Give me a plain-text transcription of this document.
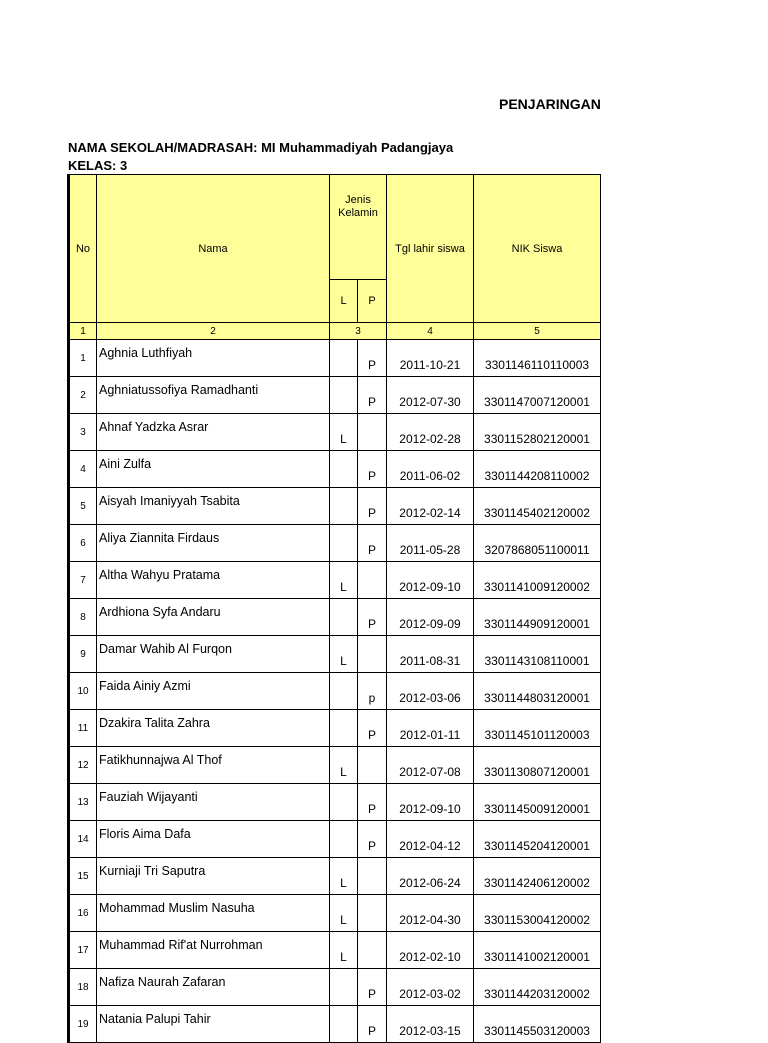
PENJARINGAN
NAMA SEKOLAH/MADRASAH: MI Muhammadiyah Padangjaya
KELAS: 3
No	Nama	Jenis Kelamin		Tgl lahir siswa	NIK Siswa
		L	P		
1	2	3		4	5
1	Aghnia Luthfiyah		P	2011-10-21	3301146110110003
2	Aghniatussofiya Ramadhanti		P	2012-07-30	3301147007120001
3	Ahnaf Yadzka Asrar	L		2012-02-28	3301152802120001
4	Aini Zulfa		P	2011-06-02	3301144208110002
5	Aisyah Imaniyyah Tsabita		P	2012-02-14	3301145402120002
6	Aliya Ziannita Firdaus		P	2011-05-28	3207868051100011
7	Altha Wahyu Pratama	L		2012-09-10	3301141009120002
8	Ardhiona Syfa Andaru		P	2012-09-09	3301144909120001
9	Damar Wahib Al Furqon	L		2011-08-31	3301143108110001
10	Faida Ainiy Azmi		p	2012-03-06	3301144803120001
11	Dzakira Talita Zahra		P	2012-01-11	3301145101120003
12	Fatikhunnajwa Al Thof	L		2012-07-08	3301130807120001
13	Fauziah Wijayanti		P	2012-09-10	3301145009120001
14	Floris Aima Dafa		P	2012-04-12	3301145204120001
15	Kurniaji Tri Saputra	L		2012-06-24	3301142406120002
16	Mohammad Muslim Nasuha	L		2012-04-30	3301153004120002
17	Muhammad Rif'at Nurrohman	L		2012-02-10	3301141002120001
18	Nafiza Naurah Zafaran		P	2012-03-02	3301144203120002
19	Natania Palupi Tahir		P	2012-03-15	3301145503120003
